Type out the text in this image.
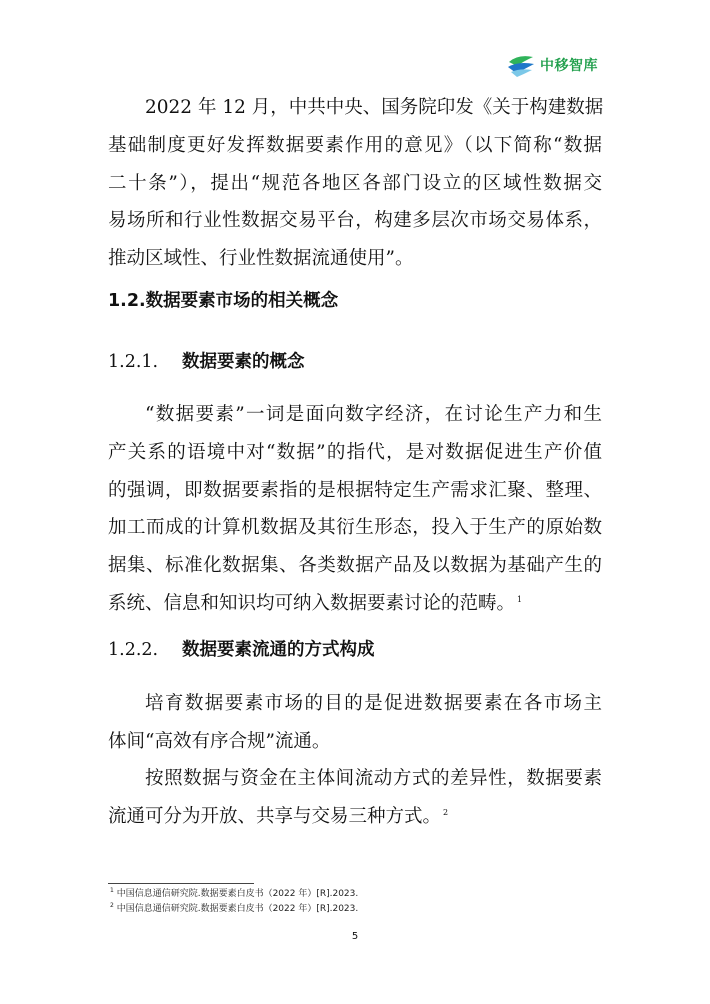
中移智库
2022 年 12 月，中共中央、国务院印发《关于构建数据
基础制度更好发挥数据要素作用的意见》（以下简称“数据
二十条”），提出“规范各地区各部门设立的区域性数据交
易场所和行业性数据交易平台，构建多层次市场交易体系，
推动区域性、行业性数据流通使用”。
1.2.数据要素市场的相关概念
1.2.1. 数据要素的概念
“数据要素”一词是面向数字经济，在讨论生产力和生
产关系的语境中对“数据”的指代，是对数据促进生产价值
的强调，即数据要素指的是根据特定生产需求汇聚、整理、
加工而成的计算机数据及其衍生形态，投入于生产的原始数
据集、标准化数据集、各类数据产品及以数据为基础产生的
系统、信息和知识均可纳入数据要素讨论的范畴。 $^1$
1.2.2. 数据要素流通的方式构成
培育数据要素市场的目的是促进数据要素在各市场主
体间“高效有序合规”流通。
按照数据与资金在主体间流动方式的差异性，数据要素
流通可分为开放、共享与交易三种方式。 $^2$
$^1$ 中国信息通信研究院.数据要素白皮书（2022 年）[R].2023.
$^2$ 中国信息通信研究院.数据要素白皮书（2022 年）[R].2023.
5
